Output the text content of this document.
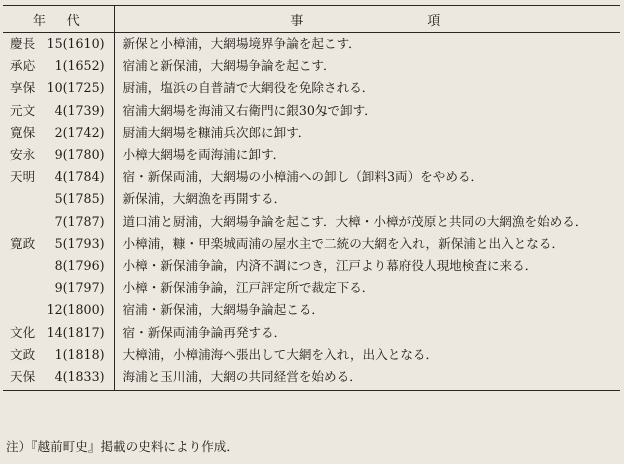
年　代	事 項
慶長 15(1610)	新保と小樟浦，大網場境界争論を起こす．
承応 1(1652)	宿浦と新保浦，大網場争論を起こす．
享保 10(1725)	厨浦，塩浜の自普請で大網役を免除される．
元文 4(1739)	宿浦大網場を海浦又右衛門に銀30匁で卸す．
寛保 2(1742)	厨浦大網場を糠浦兵次郎に卸す．
安永 9(1780)	小樟大網場を両海浦に卸す．
天明 4(1784)	宿・新保両浦，大網場の小樟浦への卸し（卸料3両）をやめる．

5(1785)	新保浦，大網漁を再開する．

7(1787)	道口浦と厨浦，大網場争論を起こす．大樟・小樟が茂原と共同の大網漁を始める．
寛政 5(1793)	小樟浦，糠・甲楽城両浦の屋水主で二統の大網を入れ，新保浦と出入となる．

8(1796)	小樟・新保浦争論，内済不調につき，江戸より幕府役人現地検査に来る．

9(1797)	小樟・新保浦争論，江戸評定所で裁定下る．

12(1800)	宿浦・新保浦，大網場争論起こる．
文化 14(1817)	宿・新保両浦争論再発する．
文政 1(1818)	大樟浦，小樟浦海へ張出して大網を入れ，出入となる．
天保 4(1833)	海浦と玉川浦，大網の共同経営を始める．
注）『越前町史』掲載の史料により作成．
